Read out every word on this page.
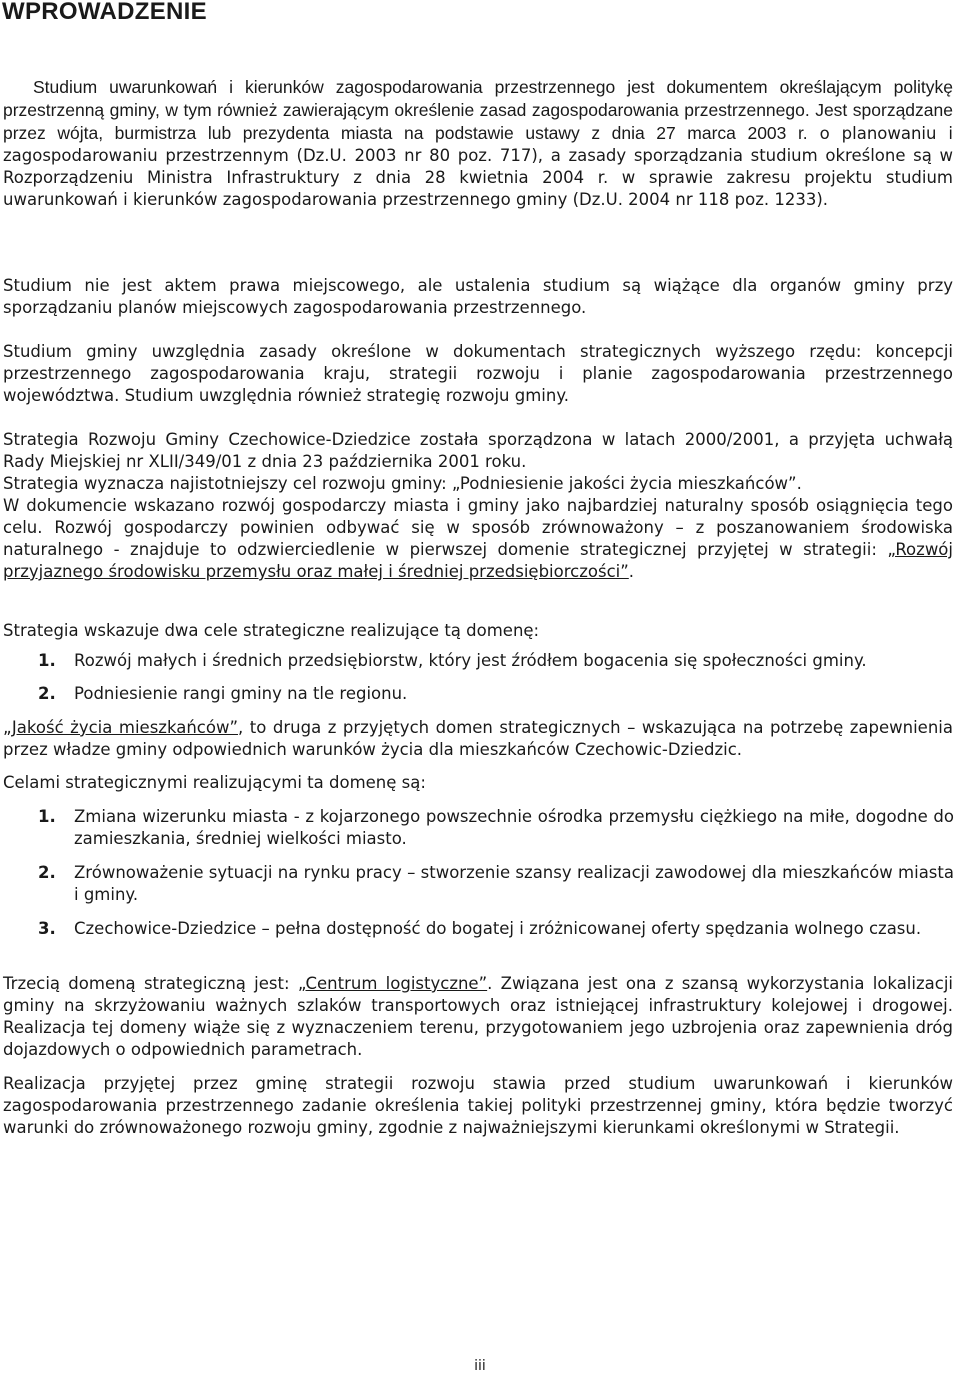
WPROWADZENIE

Studium uwarunkowań i kierunków zagospodarowania przestrzennego jest dokumentem określającym politykę przestrzenną gminy, w tym również zawierającym określenie zasad zagospodarowania przestrzennego. Jest sporządzane przez wójta, burmistrza lub prezydenta miasta na podstawie ustawy z dnia 27 marca 2003 r. o planowaniu i zagospodarowaniu przestrzennym (Dz.U. 2003 nr 80 poz. 717), a zasady sporządzania studium określone są w Rozporządzeniu Ministra Infrastruktury z dnia 28 kwietnia 2004 r. w sprawie zakresu projektu studium uwarunkowań i kierunków zagospodarowania przestrzennego gminy (Dz.U. 2004 nr 118 poz. 1233).

Studium nie jest aktem prawa miejscowego, ale ustalenia studium są wiążące dla organów gminy przy sporządzaniu planów miejscowych zagospodarowania przestrzennego.

Studium gminy uwzględnia zasady określone w dokumentach strategicznych wyższego rzędu: koncepcji przestrzennego zagospodarowania kraju, strategii rozwoju i planie zagospodarowania przestrzennego województwa. Studium uwzględnia również strategię rozwoju gminy.

Strategia Rozwoju Gminy Czechowice-Dziedzice została sporządzona w latach 2000/2001, a przyjęta uchwałą Rady Miejskiej nr XLII/349/01 z dnia 23 października 2001 roku.
Strategia wyznacza najistotniejszy cel rozwoju gminy: „Podniesienie jakości życia mieszkańców”.
W dokumencie wskazano rozwój gospodarczy miasta i gminy jako najbardziej naturalny sposób osiągnięcia tego celu. Rozwój gospodarczy powinien odbywać się w sposób zrównoważony – z poszanowaniem środowiska naturalnego - znajduje to odzwierciedlenie w pierwszej domenie strategicznej przyjętej w strategii: „Rozwój przyjaznego środowisku przemysłu oraz małej i średniej przedsiębiorczości”.

Strategia wskazuje dwa cele strategiczne realizujące tą domenę:

1.	Rozwój małych i średnich przedsiębiorstw, który jest źródłem bogacenia się społeczności gminy.
2.	Podniesienie rangi gminy na tle regionu.

„Jakość życia mieszkańców”, to druga z przyjętych domen strategicznych – wskazująca na potrzebę zapewnienia przez władze gminy odpowiednich warunków życia dla mieszkańców Czechowic-Dziedzic.

Celami strategicznymi realizującymi ta domenę są:

1.	Zmiana wizerunku miasta - z kojarzonego powszechnie ośrodka przemysłu ciężkiego na miłe, dogodne do zamieszkania, średniej wielkości miasto.
2.	Zrównoważenie sytuacji na rynku pracy – stworzenie szansy realizacji zawodowej dla mieszkańców miasta i gminy.
3.	Czechowice-Dziedzice – pełna dostępność do bogatej i zróżnicowanej oferty spędzania wolnego czasu.

Trzecią domeną strategiczną jest: „Centrum logistyczne”. Związana jest ona z szansą wykorzystania lokalizacji gminy na skrzyżowaniu ważnych szlaków transportowych oraz istniejącej infrastruktury kolejowej i drogowej. Realizacja tej domeny wiąże się z wyznaczeniem terenu, przygotowaniem jego uzbrojenia oraz zapewnienia dróg dojazdowych o odpowiednich parametrach.

Realizacja przyjętej przez gminę strategii rozwoju stawia przed studium uwarunkowań i kierunków zagospodarowania przestrzennego zadanie określenia takiej polityki przestrzennej gminy, która będzie tworzyć warunki do zrównoważonego rozwoju gminy, zgodnie z najważniejszymi kierunkami określonymi w Strategii.

iii
